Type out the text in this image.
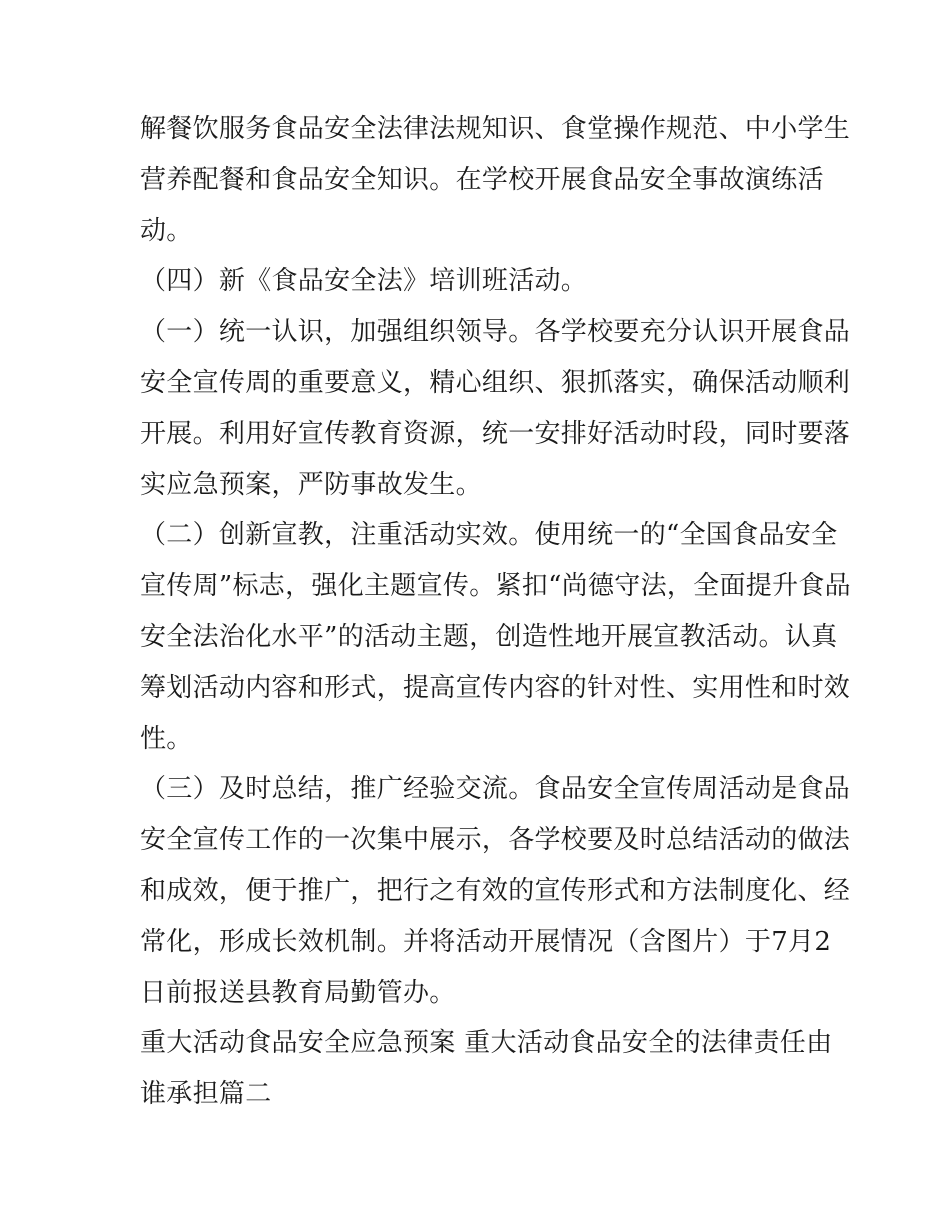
解餐饮服务食品安全法律法规知识、食堂操作规范、中小学生
营养配餐和食品安全知识。在学校开展食品安全事故演练活
动。
（四）新《食品安全法》培训班活动。
（一）统一认识，加强组织领导。各学校要充分认识开展食品
安全宣传周的重要意义，精心组织、狠抓落实，确保活动顺利
开展。利用好宣传教育资源，统一安排好活动时段，同时要落
实应急预案，严防事故发生。
（二）创新宣教，注重活动实效。使用统一的“全国食品安全
宣传周”标志，强化主题宣传。紧扣“尚德守法，全面提升食品
安全法治化水平”的活动主题，创造性地开展宣教活动。认真
筹划活动内容和形式，提高宣传内容的针对性、实用性和时效
性。
（三）及时总结，推广经验交流。食品安全宣传周活动是食品
安全宣传工作的一次集中展示，各学校要及时总结活动的做法
和成效，便于推广，把行之有效的宣传形式和方法制度化、经
常化，形成长效机制。并将活动开展情况（含图片）于7月2
日前报送县教育局勤管办。
重大活动食品安全应急预案 重大活动食品安全的法律责任由
谁承担篇二
